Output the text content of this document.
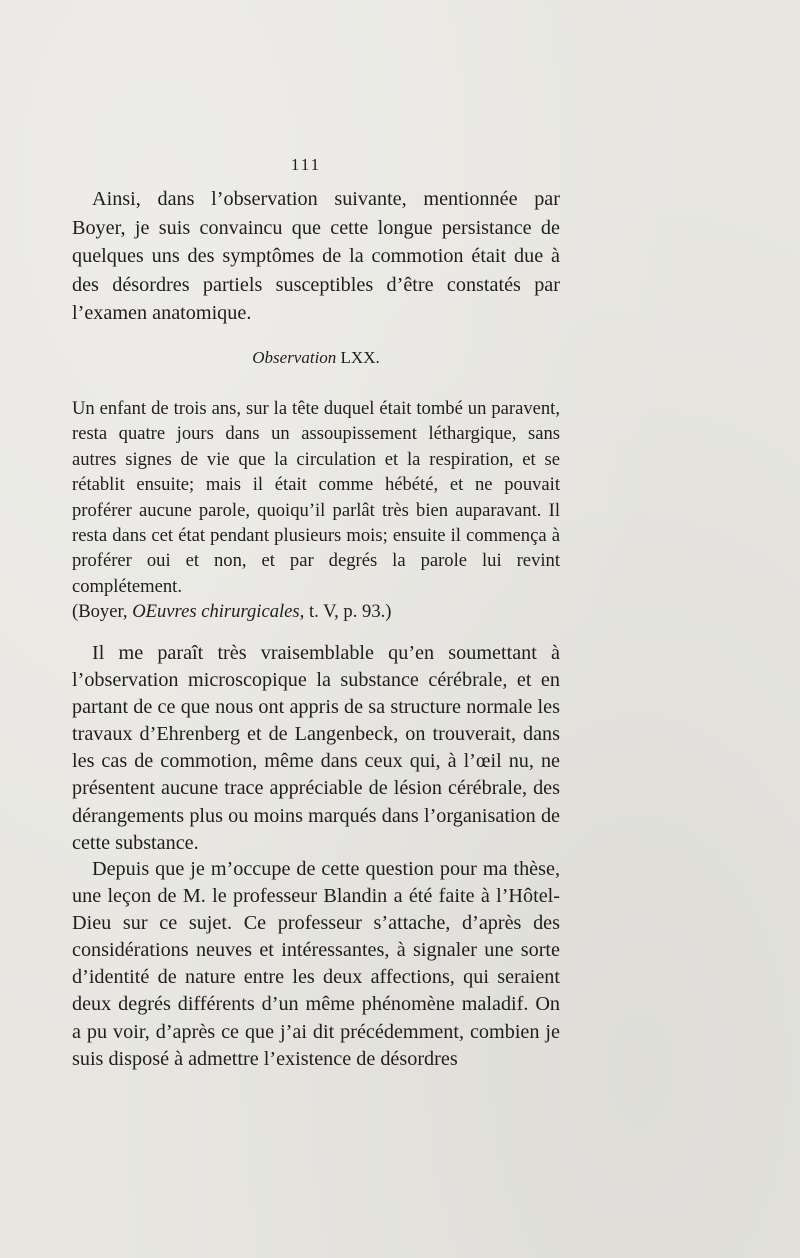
111

Ainsi, dans l’observation suivante, mentionnée par Boyer, je suis convaincu que cette longue persistance de quelques uns des symptômes de la commotion était due à des désordres partiels susceptibles d’être constatés par l’examen anatomique.

Observation LXX.

Un enfant de trois ans, sur la tête duquel était tombé un paravent, resta quatre jours dans un assoupissement léthargique, sans autres signes de vie que la circulation et la respiration, et se rétablit ensuite; mais il était comme hébété, et ne pouvait proférer aucune parole, quoiqu’il parlât très bien auparavant. Il resta dans cet état pendant plusieurs mois; ensuite il commença à proférer oui et non, et par degrés la parole lui revint complétement.
(Boyer, OEuvres chirurgicales, t. V, p. 93.)

Il me paraît très vraisemblable qu’en soumettant à l’observation microscopique la substance cérébrale, et en partant de ce que nous ont appris de sa structure normale les travaux d’Ehrenberg et de Langenbeck, on trouverait, dans les cas de commotion, même dans ceux qui, à l’œil nu, ne présentent aucune trace appréciable de lésion cérébrale, des dérangements plus ou moins marqués dans l’organisation de cette substance.

Depuis que je m’occupe de cette question pour ma thèse, une leçon de M. le professeur Blandin a été faite à l’Hôtel-Dieu sur ce sujet. Ce professeur s’attache, d’après des considérations neuves et intéressantes, à signaler une sorte d’identité de nature entre les deux affections, qui seraient deux degrés différents d’un même phénomène maladif. On a pu voir, d’après ce que j’ai dit précédemment, combien je suis disposé à admettre l’existence de désordres
